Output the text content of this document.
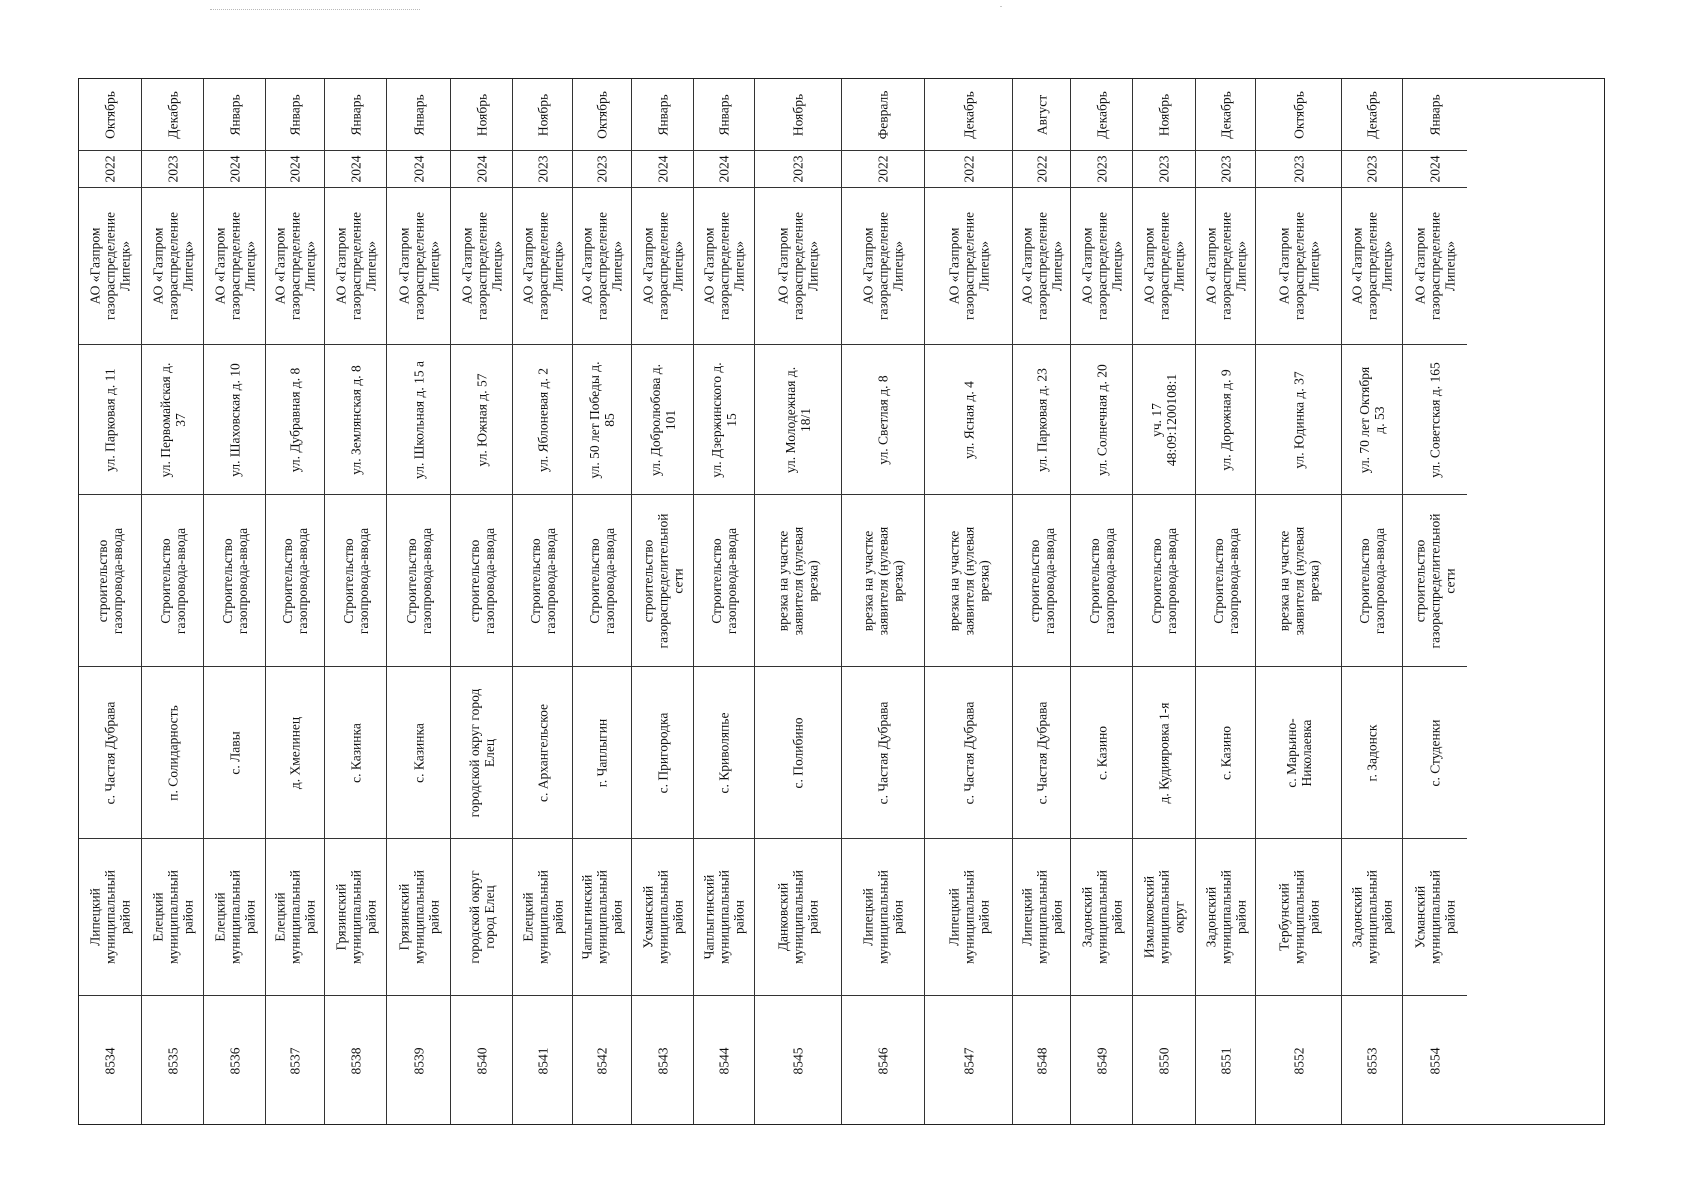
Октябрь
2022
АО «Газпром
газораспределение
Липецк»
ул. Парковая д. 11
строительство
газопровода-ввода
с. Частая Дубрава
Липецкий
муниципальный
район
8534
Декабрь
2023
АО «Газпром
газораспределение
Липецк»
ул. Первомайская д.
37
Строительство
газопровода-ввода
п. Солидарность
Елецкий
муниципальный
район
8535
Январь
2024
АО «Газпром
газораспределение
Липецк»
ул. Шаховская д. 10
Строительство
газопровода-ввода
с. Лавы
Елецкий
муниципальный
район
8536
Январь
2024
АО «Газпром
газораспределение
Липецк»
ул. Дубравная д. 8
Строительство
газопровода-ввода
д. Хмелинец
Елецкий
муниципальный
район
8537
Январь
2024
АО «Газпром
газораспределение
Липецк»
ул. Землянская д. 8
Строительство
газопровода-ввода
с. Казинка
Грязинский
муниципальный
район
8538
Январь
2024
АО «Газпром
газораспределение
Липецк»
ул. Школьная д. 15 а
Строительство
газопровода-ввода
с. Казинка
Грязинский
муниципальный
район
8539
Ноябрь
2024
АО «Газпром
газораспределение
Липецк»
ул. Южная д. 57
строительство
газопровода-ввода
городской округ город
Елец
городской округ
город Елец
8540
Ноябрь
2023
АО «Газпром
газораспределение
Липецк»
ул. Яблоневая д. 2
Строительство
газопровода-ввода
с. Архангельское
Елецкий
муниципальный
район
8541
Октябрь
2023
АО «Газпром
газораспределение
Липецк»
ул. 50 лет Победы д.
85
Строительство
газопровода-ввода
г. Чаплыгин
Чаплыгинский
муниципальный
район
8542
Январь
2024
АО «Газпром
газораспределение
Липецк»
ул. Добролюбова д.
101
строительство
газораспределительной
сети
с. Пригородка
Усманский
муниципальный
район
8543
Январь
2024
АО «Газпром
газораспределение
Липецк»
ул. Дзержинского д.
15
Строительство
газопровода-ввода
с. Криволяпье
Чаплыгинский
муниципальный
район
8544
Ноябрь
2023
АО «Газпром
газораспределение
Липецк»
ул. Молодежная д.
18/1
врезка на участке
заявителя (нулевая
врезка)
с. Полибино
Данковский
муниципальный
район
8545
Февраль
2022
АО «Газпром
газораспределение
Липецк»
ул. Светлая д. 8
врезка на участке
заявителя (нулевая
врезка)
с. Частая Дубрава
Липецкий
муниципальный
район
8546
Декабрь
2022
АО «Газпром
газораспределение
Липецк»
ул. Яcная д. 4
врезка на участке
заявителя (нулевая
врезка)
с. Частая Дубрава
Липецкий
муниципальный
район
8547
Август
2022
АО «Газпром
газораспределение
Липецк»
ул. Парковая д. 23
строительство
газопровода-ввода
с. Частая Дубрава
Липецкий
муниципальный
район
8548
Декабрь
2023
АО «Газпром
газораспределение
Липецк»
ул. Солнечная д. 20
Строительство
газопровода-ввода
с. Казино
Задонский
муниципальный
район
8549
Ноябрь
2023
АО «Газпром
газораспределение
Липецк»
уч. 17
48:09:1200108:1
Строительство
газопровода-ввода
д. Кудияровка 1-я
Измалковский
муниципальный
округ
8550
Декабрь
2023
АО «Газпром
газораспределение
Липецк»
ул. Дорожная д. 9
Строительство
газопровода-ввода
с. Казино
Задонский
муниципальный
район
8551
Октябрь
2023
АО «Газпром
газораспределение
Липецк»
ул. Юдинка д. 37
врезка на участке
заявителя (нулевая
врезка)
с. Марьино-
Николаевка
Тербунский
муниципальный
район
8552
Декабрь
2023
АО «Газпром
газораспределение
Липецк»
ул. 70 лет Октября
д. 53
Строительство
газопровода-ввода
г. Задонск
Задонский
муниципальный
район
8553
Январь
2024
АО «Газпром
газораспределение
Липецк»
ул. Советская д. 165
строительство
газораспределительной
сети
с. Студенки
Усманский
муниципальный
район
8554
